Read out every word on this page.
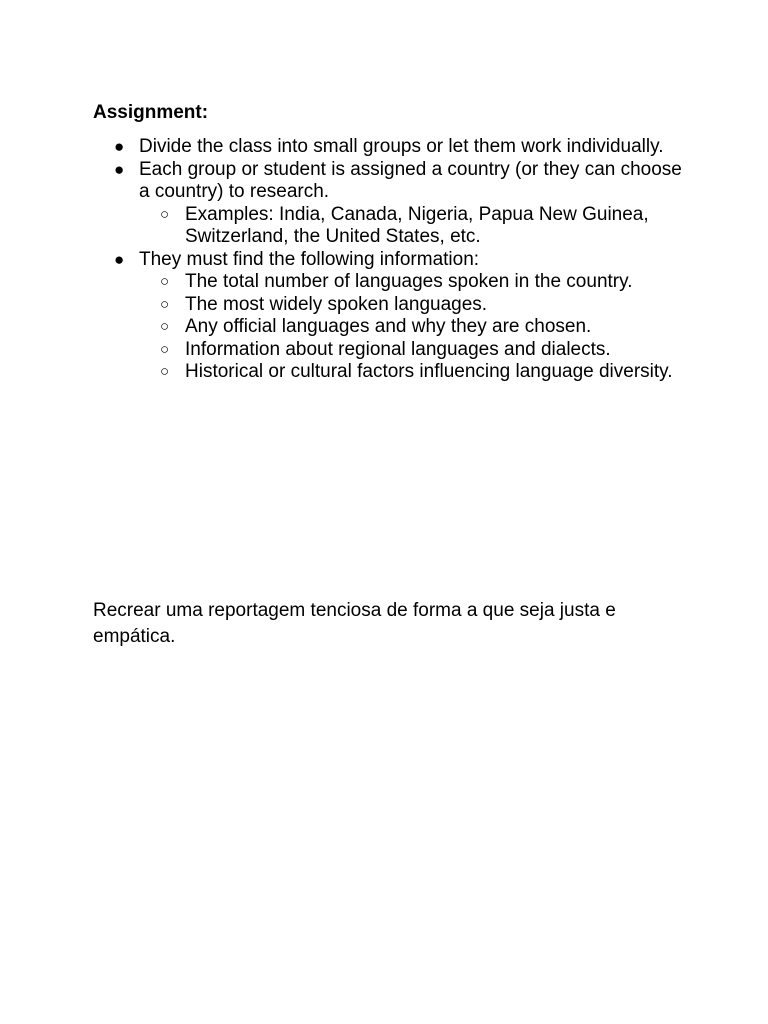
Assignment:
● Divide the class into small groups or let them work individually.
● Each group or student is assigned a country (or they can choose a country) to research.
○ Examples: India, Canada, Nigeria, Papua New Guinea, Switzerland, the United States, etc.
● They must find the following information:
○ The total number of languages spoken in the country.
○ The most widely spoken languages.
○ Any official languages and why they are chosen.
○ Information about regional languages and dialects.
○ Historical or cultural factors influencing language diversity.
Recrear uma reportagem tenciosa de forma a que seja justa e empática.
